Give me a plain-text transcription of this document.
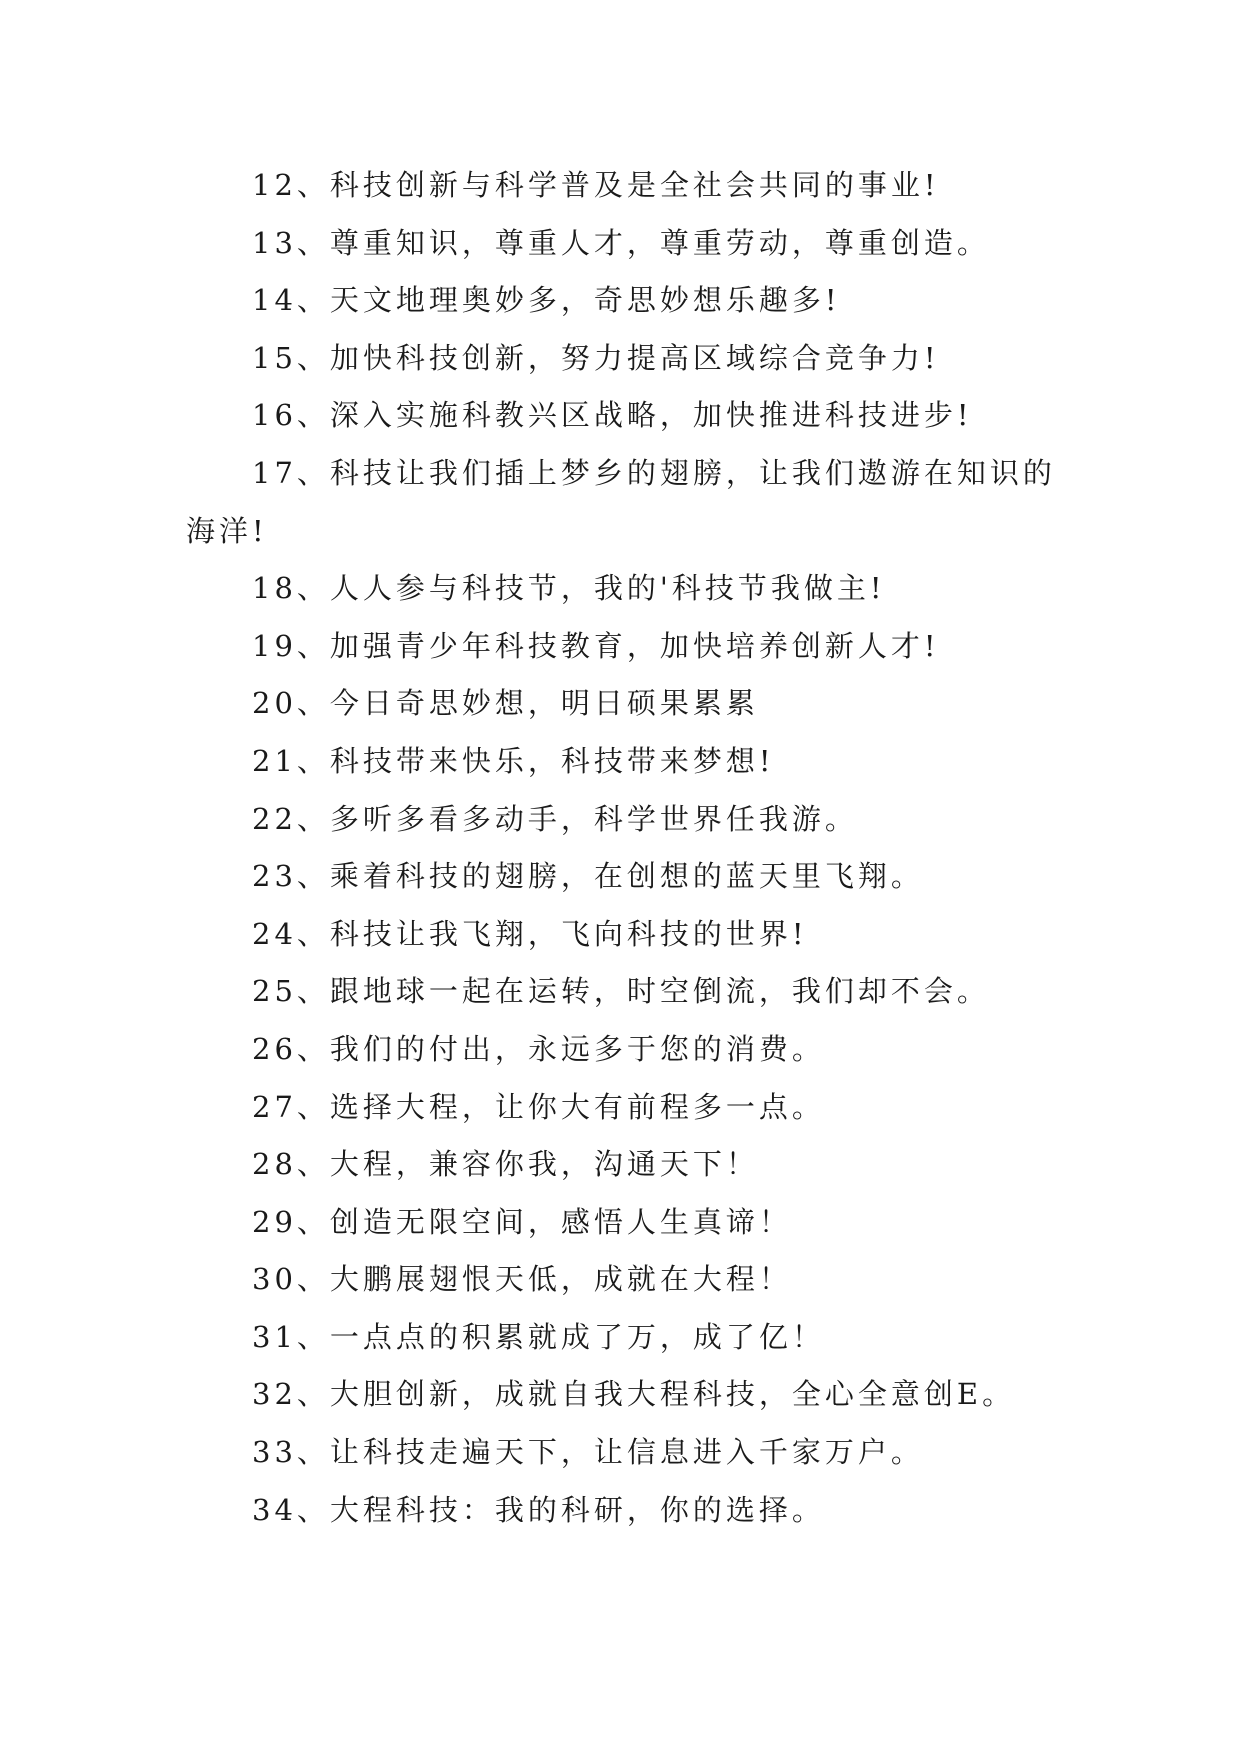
12、科技创新与科学普及是全社会共同的事业!
13、尊重知识，尊重人才，尊重劳动，尊重创造。
14、天文地理奥妙多，奇思妙想乐趣多!
15、加快科技创新，努力提高区域综合竞争力!
16、深入实施科教兴区战略，加快推进科技进步!
17、科技让我们插上梦乡的翅膀，让我们遨游在知识的
海洋!
18、人人参与科技节，我的'科技节我做主!
19、加强青少年科技教育，加快培养创新人才!
20、今日奇思妙想，明日硕果累累
21、科技带来快乐，科技带来梦想!
22、多听多看多动手，科学世界任我游。
23、乘着科技的翅膀，在创想的蓝天里飞翔。
24、科技让我飞翔，飞向科技的世界!
25、跟地球一起在运转，时空倒流，我们却不会。
26、我们的付出，永远多于您的消费。
27、选择大程，让你大有前程多一点。
28、大程，兼容你我，沟通天下！
29、创造无限空间，感悟人生真谛！
30、大鹏展翅恨天低，成就在大程！
31、一点点的积累就成了万，成了亿！
32、大胆创新，成就自我大程科技，全心全意创E。
33、让科技走遍天下，让信息进入千家万户。
34、大程科技：我的科研，你的选择。
